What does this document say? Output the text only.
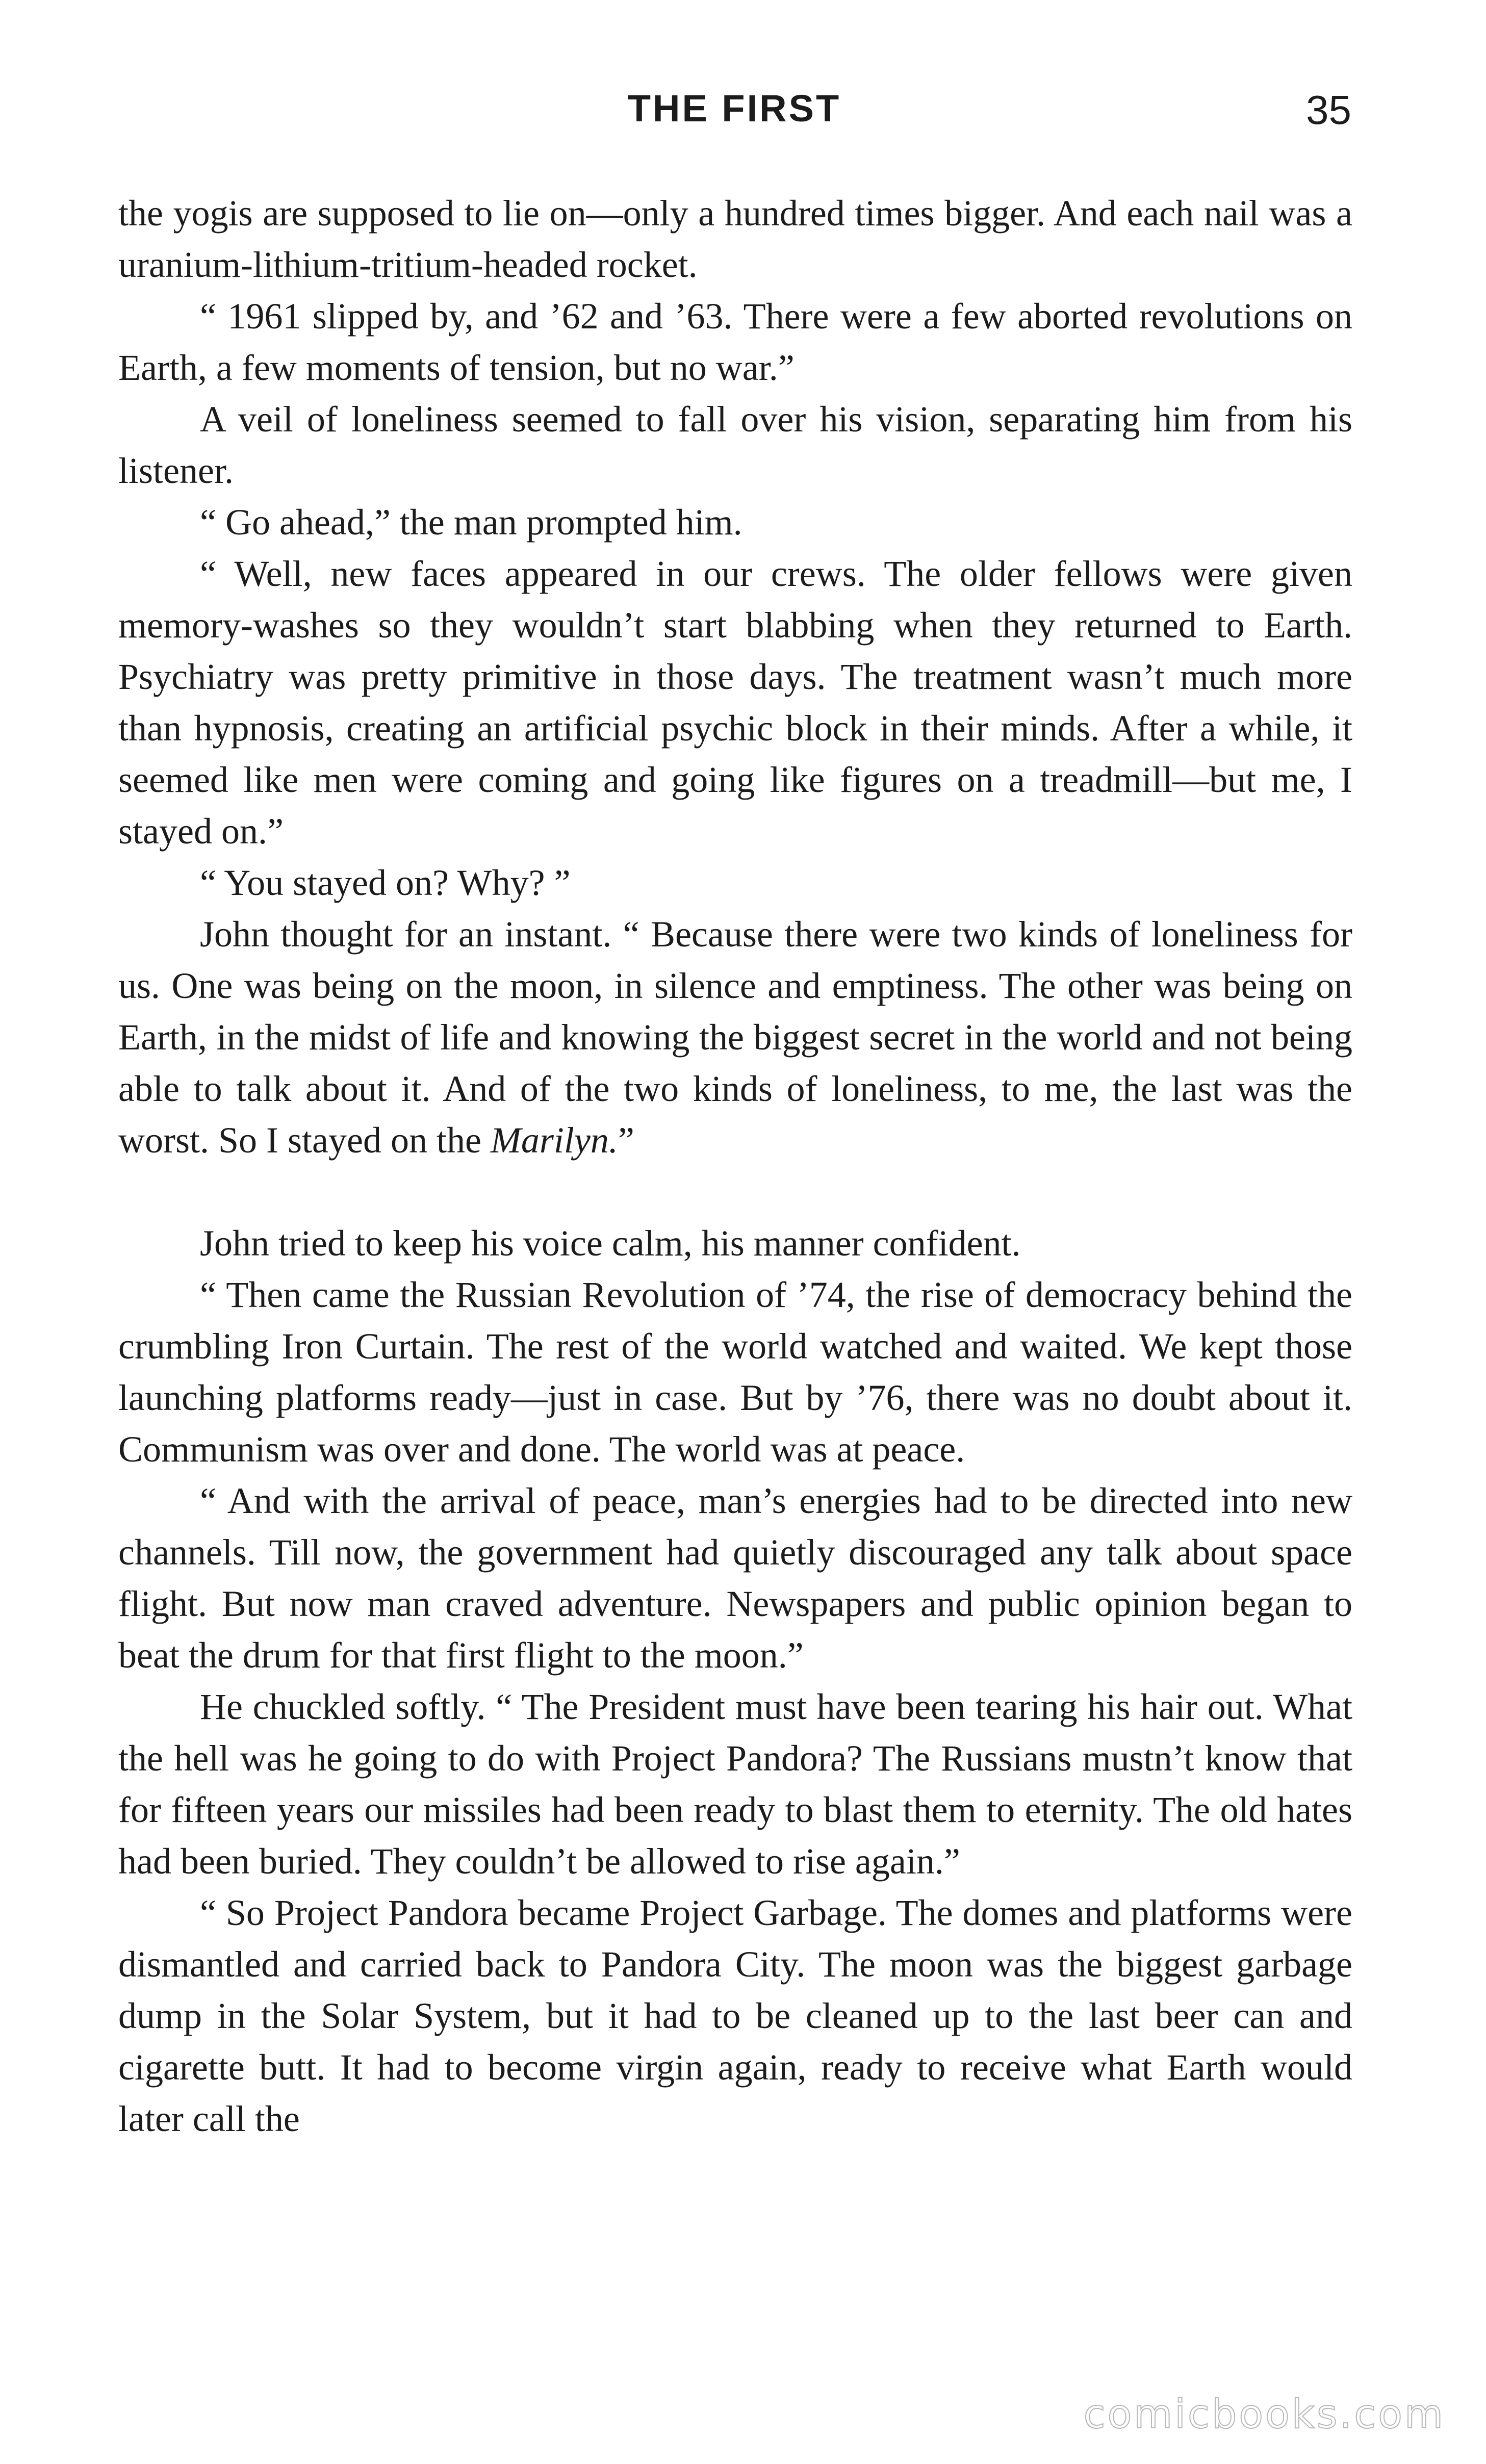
THE FIRST	35

the yogis are supposed to lie on—only a hundred times bigger. And each nail was a uranium-lithium-tritium-headed rocket.

“ 1961 slipped by, and ’62 and ’63. There were a few aborted revolutions on Earth, a few moments of tension, but no war.”

A veil of loneliness seemed to fall over his vision, separating him from his listener.

“ Go ahead,” the man prompted him.

“ Well, new faces appeared in our crews. The older fellows were given memory-washes so they wouldn’t start blabbing when they returned to Earth. Psychiatry was pretty primitive in those days. The treatment wasn’t much more than hypnosis, creating an artificial psychic block in their minds. After a while, it seemed like men were coming and going like figures on a treadmill—but me, I stayed on.”

“ You stayed on? Why? ”

John thought for an instant. “ Because there were two kinds of loneliness for us. One was being on the moon, in silence and emptiness. The other was being on Earth, in the midst of life and knowing the biggest secret in the world and not being able to talk about it. And of the two kinds of loneliness, to me, the last was the worst. So I stayed on the Marilyn.”

John tried to keep his voice calm, his manner confident.

“ Then came the Russian Revolution of ’74, the rise of democracy behind the crumbling Iron Curtain. The rest of the world watched and waited. We kept those launching platforms ready—just in case. But by ’76, there was no doubt about it. Communism was over and done. The world was at peace.

“ And with the arrival of peace, man’s energies had to be directed into new channels. Till now, the government had quietly discouraged any talk about space flight. But now man craved adventure. Newspapers and public opinion began to beat the drum for that first flight to the moon.”

He chuckled softly. “ The President must have been tearing his hair out. What the hell was he going to do with Project Pandora? The Russians mustn’t know that for fifteen years our missiles had been ready to blast them to eternity. The old hates had been buried. They couldn’t be allowed to rise again.”

“ So Project Pandora became Project Garbage. The domes and platforms were dismantled and carried back to Pandora City. The moon was the biggest garbage dump in the Solar System, but it had to be cleaned up to the last beer can and cigarette butt. It had to become virgin again, ready to receive what Earth would later call the

comicbooks.com
